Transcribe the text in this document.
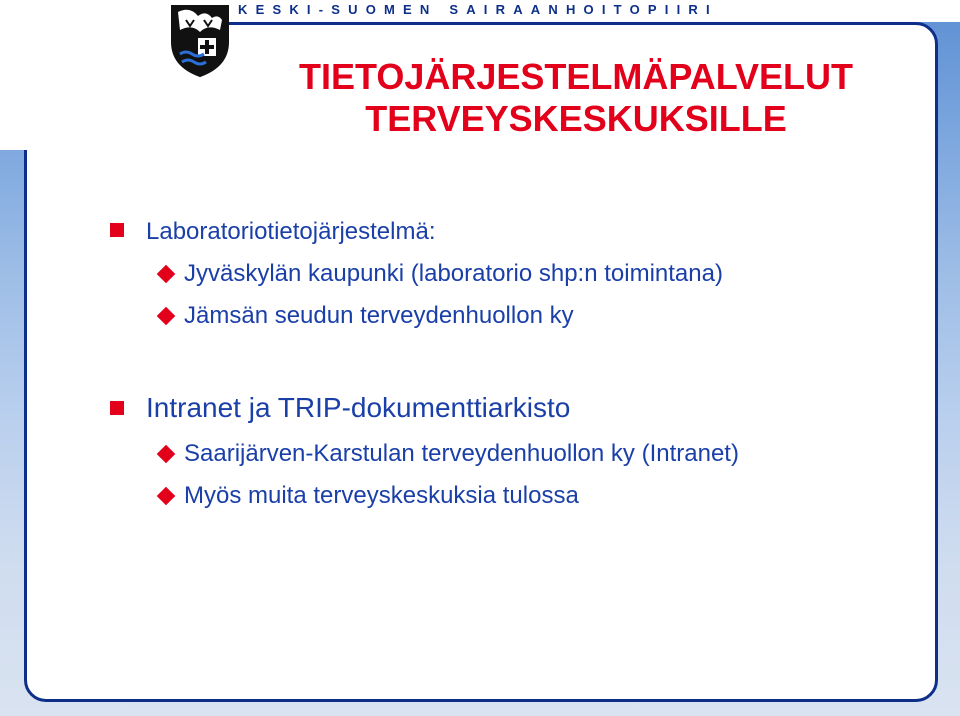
KESKI-SUOMEN SAIRAANHOITOPIIRI
TIETOJÄRJESTELMÄPALVELUT
TERVEYSKESKUKSILLE
Laboratoriotietojärjestelmä:
Jyväskylän kaupunki (laboratorio shp:n toimintana)
Jämsän seudun terveydenhuollon ky
Intranet ja TRIP-dokumenttiarkisto
Saarijärven-Karstulan terveydenhuollon ky (Intranet)
Myös muita terveyskeskuksia tulossa
